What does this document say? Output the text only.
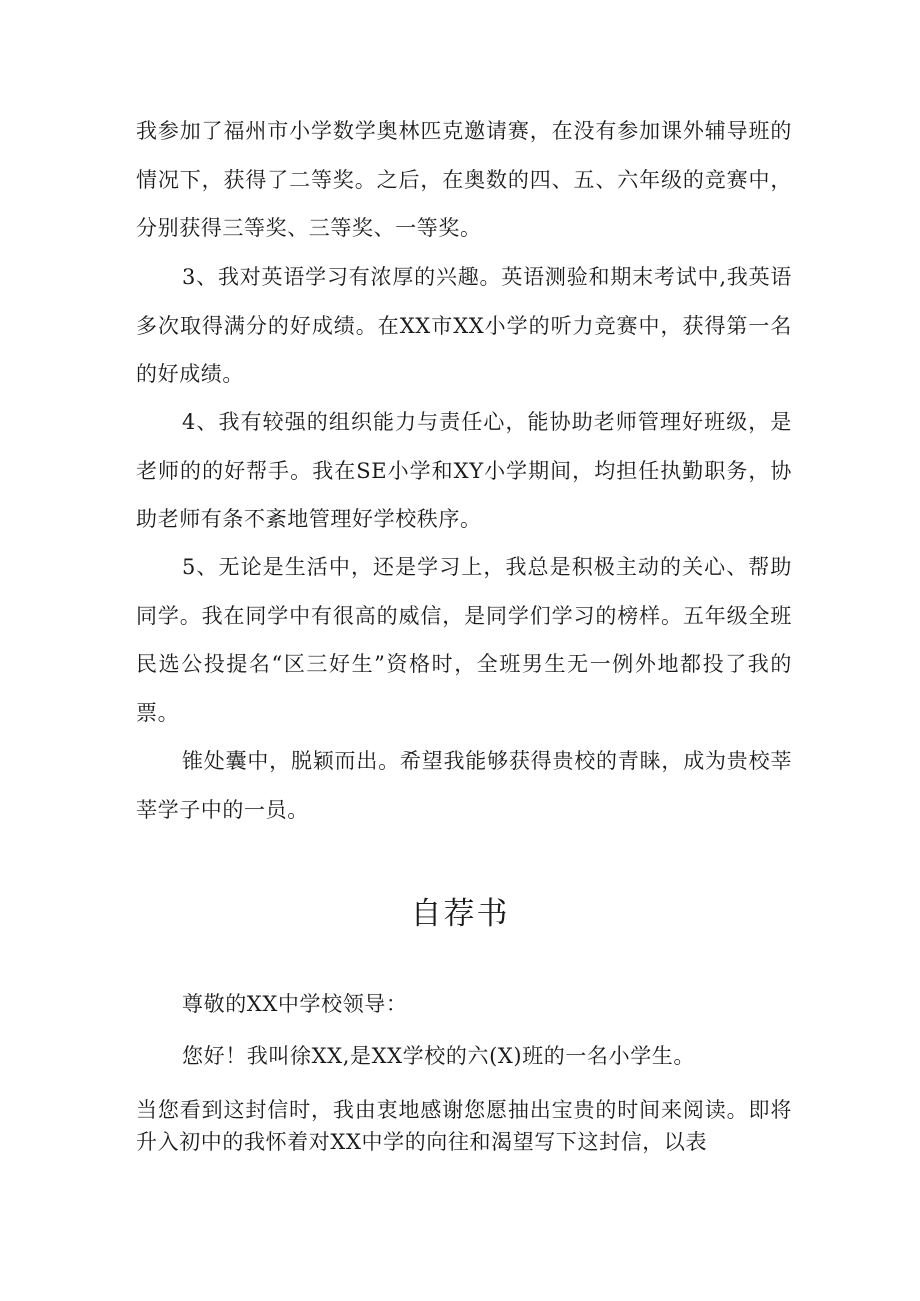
我参加了福州市小学数学奥林匹克邀请赛，在没有参加课外辅导班的情况下，获得了二等奖。之后，在奥数的四、五、六年级的竞赛中，分别获得三等奖、三等奖、一等奖。

3、我对英语学习有浓厚的兴趣。英语测验和期末考试中,我英语多次取得满分的好成绩。在XX市XX小学的听力竞赛中，获得第一名的好成绩。

4、我有较强的组织能力与责任心，能协助老师管理好班级，是老师的的好帮手。我在SE小学和XY小学期间，均担任执勤职务，协助老师有条不紊地管理好学校秩序。

5、无论是生活中，还是学习上，我总是积极主动的关心、帮助同学。我在同学中有很高的威信，是同学们学习的榜样。五年级全班民选公投提名“区三好生”资格时，全班男生无一例外地都投了我的票。

锥处囊中，脱颖而出。希望我能够获得贵校的青睐，成为贵校莘莘学子中的一员。

自荐书

尊敬的XX中学校领导：

您好！我叫徐XX,是XX学校的六(X)班的一名小学生。

当您看到这封信时，我由衷地感谢您愿抽出宝贵的时间来阅读。即将升入初中的我怀着对XX中学的向往和渴望写下这封信，以表
